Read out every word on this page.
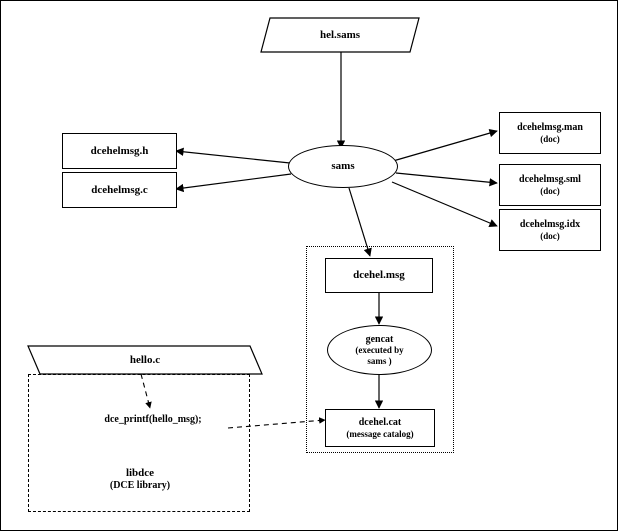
hel.sams
sams
dcehelmsg.h
dcehelmsg.c
dcehelmsg.man
(doc)
dcehelmsg.sml
(doc)
dcehelmsg.idx
(doc)
dcehel.msg
gencat
(executed by
sams )
dcehel.cat
(message catalog)
hello.c
dce_printf(hello_msg);
libdce
(DCE library)
